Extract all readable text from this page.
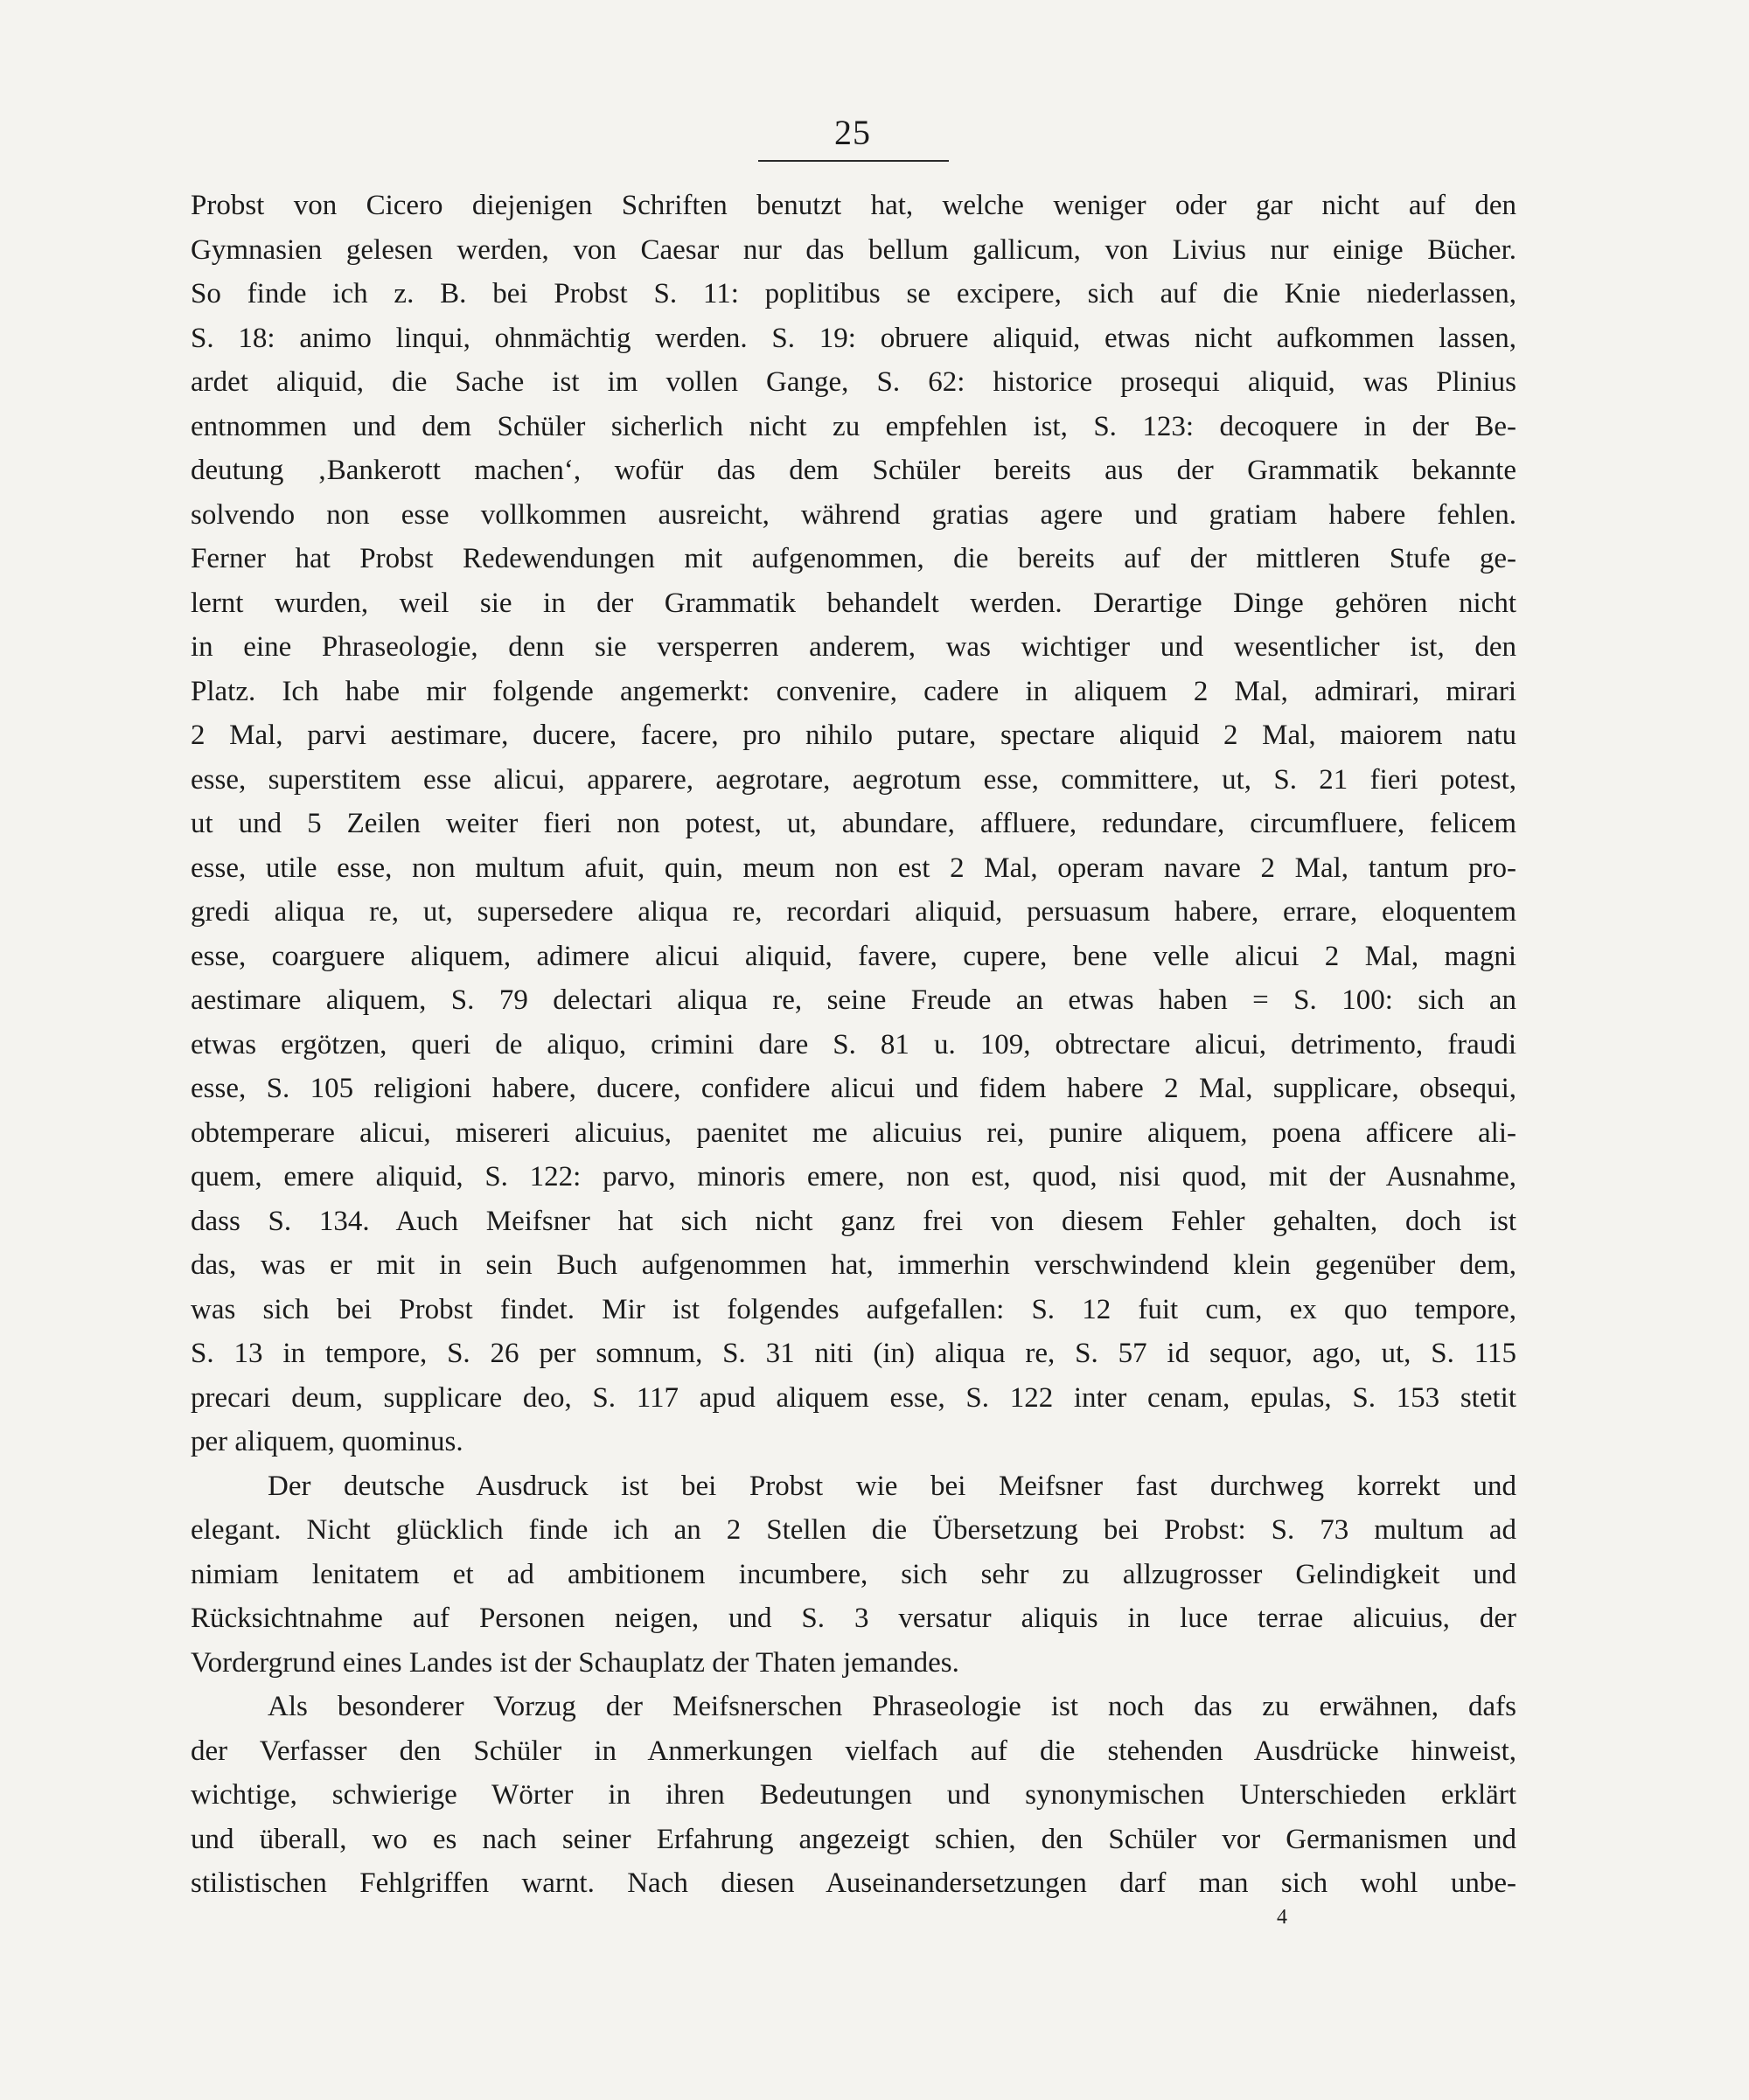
25
Probst von Cicero diejenigen Schriften benutzt hat, welche weniger oder gar nicht auf den
Gymnasien gelesen werden, von Caesar nur das bellum gallicum, von Livius nur einige Bücher.
So finde ich z. B. bei Probst S. 11: poplitibus se excipere, sich auf die Knie niederlassen,
S. 18: animo linqui, ohnmächtig werden. S. 19: obruere aliquid, etwas nicht aufkommen lassen,
ardet aliquid, die Sache ist im vollen Gange, S. 62: historice prosequi aliquid, was Plinius
entnommen und dem Schüler sicherlich nicht zu empfehlen ist, S. 123: decoquere in der Be-
deutung ‚Bankerott machen‘, wofür das dem Schüler bereits aus der Grammatik bekannte
solvendo non esse vollkommen ausreicht, während gratias agere und gratiam habere fehlen.
Ferner hat Probst Redewendungen mit aufgenommen, die bereits auf der mittleren Stufe ge-
lernt wurden, weil sie in der Grammatik behandelt werden. Derartige Dinge gehören nicht
in eine Phraseologie, denn sie versperren anderem, was wichtiger und wesentlicher ist, den
Platz. Ich habe mir folgende angemerkt: convenire, cadere in aliquem 2 Mal, admirari, mirari
2 Mal, parvi aestimare, ducere, facere, pro nihilo putare, spectare aliquid 2 Mal, maiorem natu
esse, superstitem esse alicui, apparere, aegrotare, aegrotum esse, committere, ut, S. 21 fieri potest,
ut und 5 Zeilen weiter fieri non potest, ut, abundare, affluere, redundare, circumfluere, felicem
esse, utile esse, non multum afuit, quin, meum non est 2 Mal, operam navare 2 Mal, tantum pro-
gredi aliqua re, ut, supersedere aliqua re, recordari aliquid, persuasum habere, errare, eloquentem
esse, coarguere aliquem, adimere alicui aliquid, favere, cupere, bene velle alicui 2 Mal, magni
aestimare aliquem, S. 79 delectari aliqua re, seine Freude an etwas haben = S. 100: sich an
etwas ergötzen, queri de aliquo, crimini dare S. 81 u. 109, obtrectare alicui, detrimento, fraudi
esse, S. 105 religioni habere, ducere, confidere alicui und fidem habere 2 Mal, supplicare, obsequi,
obtemperare alicui, misereri alicuius, paenitet me alicuius rei, punire aliquem, poena afficere ali-
quem, emere aliquid, S. 122: parvo, minoris emere, non est, quod, nisi quod, mit der Ausnahme,
dass S. 134. Auch Meifsner hat sich nicht ganz frei von diesem Fehler gehalten, doch ist
das, was er mit in sein Buch aufgenommen hat, immerhin verschwindend klein gegenüber dem,
was sich bei Probst findet. Mir ist folgendes aufgefallen: S. 12 fuit cum, ex quo tempore,
S. 13 in tempore, S. 26 per somnum, S. 31 niti (in) aliqua re, S. 57 id sequor, ago, ut, S. 115
precari deum, supplicare deo, S. 117 apud aliquem esse, S. 122 inter cenam, epulas, S. 153 stetit
per aliquem, quominus.
Der deutsche Ausdruck ist bei Probst wie bei Meifsner fast durchweg korrekt und
elegant. Nicht glücklich finde ich an 2 Stellen die Übersetzung bei Probst: S. 73 multum ad
nimiam lenitatem et ad ambitionem incumbere, sich sehr zu allzugrosser Gelindigkeit und
Rücksichtnahme auf Personen neigen, und S. 3 versatur aliquis in luce terrae alicuius, der
Vordergrund eines Landes ist der Schauplatz der Thaten jemandes.
Als besonderer Vorzug der Meifsnerschen Phraseologie ist noch das zu erwähnen, dafs
der Verfasser den Schüler in Anmerkungen vielfach auf die stehenden Ausdrücke hinweist,
wichtige, schwierige Wörter in ihren Bedeutungen und synonymischen Unterschieden erklärt
und überall, wo es nach seiner Erfahrung angezeigt schien, den Schüler vor Germanismen und
stilistischen Fehlgriffen warnt. Nach diesen Auseinandersetzungen darf man sich wohl unbe-
4
